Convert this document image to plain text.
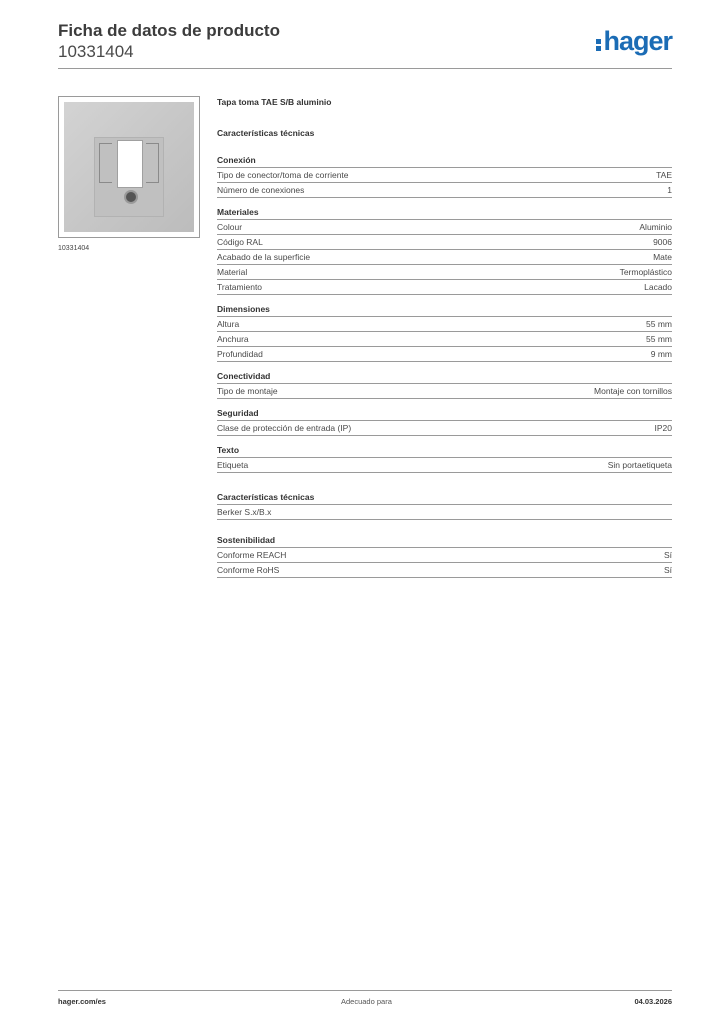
Ficha de datos de producto
10331404	hager
10331404
Tapa toma TAE S/B aluminio
Características técnicas
Conexión
Tipo de conector/toma de corriente	TAE
Número de conexiones	1
Materiales
Colour	Aluminio
Código RAL	9006
Acabado de la superficie	Mate
Material	Termoplástico
Tratamiento	Lacado
Dimensiones
Altura	55 mm
Anchura	55 mm
Profundidad	9 mm
Conectividad
Tipo de montaje	Montaje con tornillos
Seguridad
Clase de protección de entrada (IP)	IP20
Texto
Etiqueta	Sin portaetiqueta
Características técnicas
Berker S.x/B.x
Sostenibilidad
Conforme REACH	Sí
Conforme RoHS	Sí
hager.com/es	Adecuado para	04.03.2026
